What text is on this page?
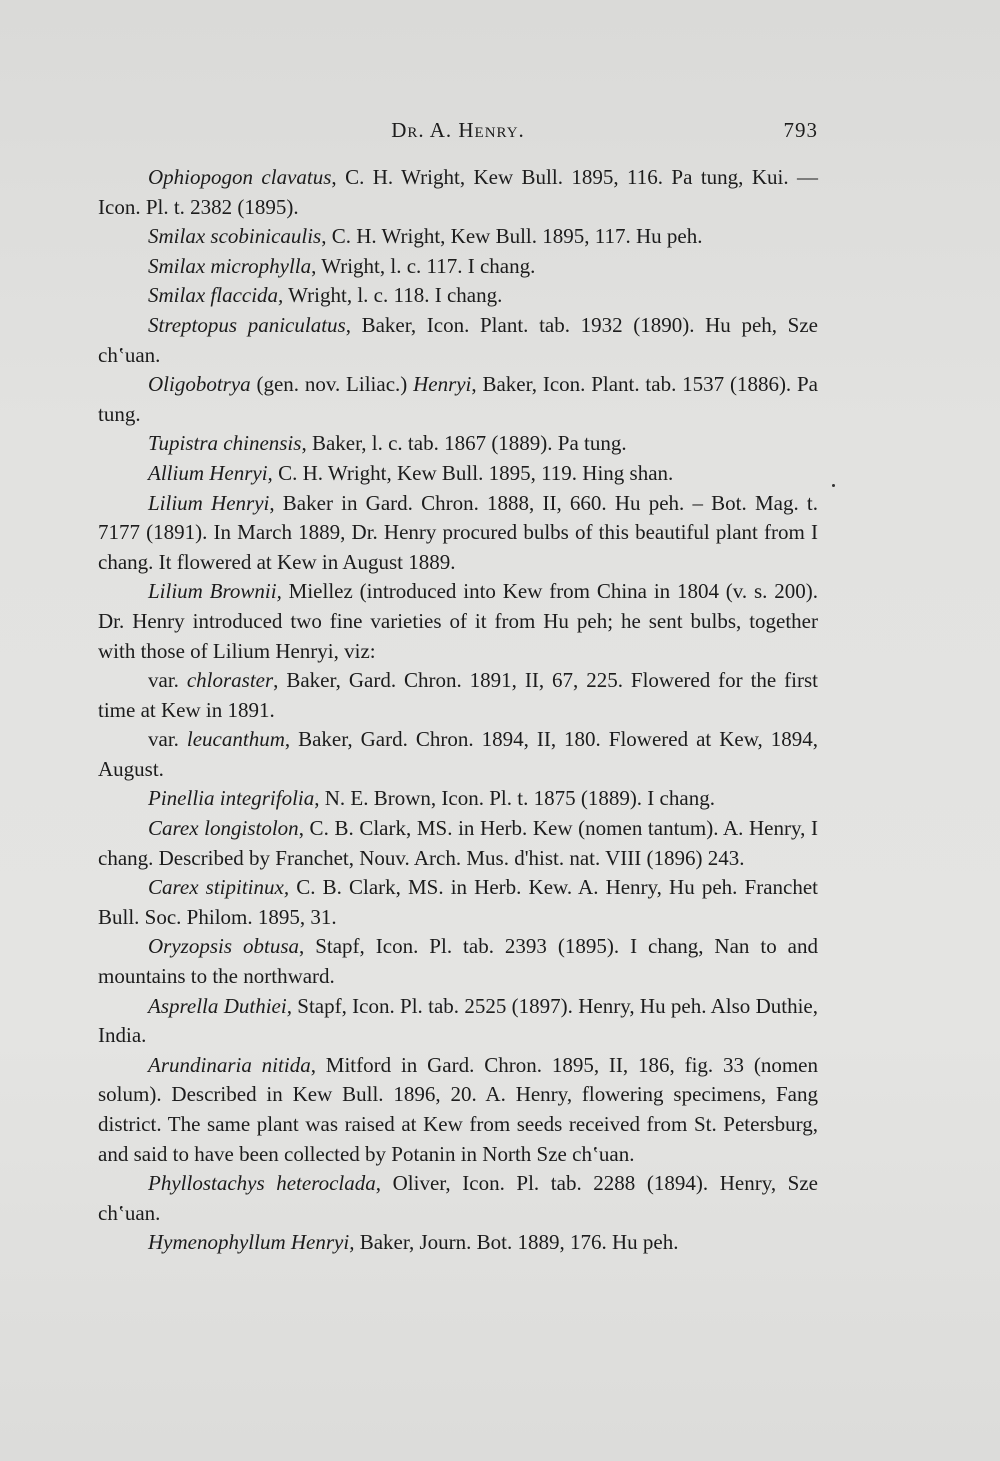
Dr. A. Henry.	793

Ophiopogon clavatus, C. H. Wright, Kew Bull. 1895, 116. Pa tung, Kui. — Icon. Pl. t. 2382 (1895).

Smilax scobinicaulis, C. H. Wright, Kew Bull. 1895, 117. Hu peh.

Smilax microphylla, Wright, l. c. 117. I chang.

Smilax flaccida, Wright, l. c. 118. I chang.

Streptopus paniculatus, Baker, Icon. Plant. tab. 1932 (1890). Hu peh, Sze chʽuan.

Oligobotrya (gen. nov. Liliac.) Henryi, Baker, Icon. Plant. tab. 1537 (1886). Pa tung.

Tupistra chinensis, Baker, l. c. tab. 1867 (1889). Pa tung.

Allium Henryi, C. H. Wright, Kew Bull. 1895, 119. Hing shan.

Lilium Henryi, Baker in Gard. Chron. 1888, II, 660. Hu peh. – Bot. Mag. t. 7177 (1891). In March 1889, Dr. Henry procured bulbs of this beautiful plant from I chang. It flowered at Kew in August 1889.

Lilium Brownii, Miellez (introduced into Kew from China in 1804 (v. s. 200). Dr. Henry introduced two fine varieties of it from Hu peh; he sent bulbs, together with those of Lilium Henryi, viz:

var. chloraster, Baker, Gard. Chron. 1891, II, 67, 225. Flowered for the first time at Kew in 1891.

var. leucanthum, Baker, Gard. Chron. 1894, II, 180. Flowered at Kew, 1894, August.

Pinellia integrifolia, N. E. Brown, Icon. Pl. t. 1875 (1889). I chang.

Carex longistolon, C. B. Clark, MS. in Herb. Kew (nomen tantum). A. Henry, I chang. Described by Franchet, Nouv. Arch. Mus. d'hist. nat. VIII (1896) 243.

Carex stipitinux, C. B. Clark, MS. in Herb. Kew. A. Henry, Hu peh. Franchet Bull. Soc. Philom. 1895, 31.

Oryzopsis obtusa, Stapf, Icon. Pl. tab. 2393 (1895). I chang, Nan to and mountains to the northward.

Asprella Duthiei, Stapf, Icon. Pl. tab. 2525 (1897). Henry, Hu peh. Also Duthie, India.

Arundinaria nitida, Mitford in Gard. Chron. 1895, II, 186, fig. 33 (nomen solum). Described in Kew Bull. 1896, 20. A. Henry, flowering specimens, Fang district. The same plant was raised at Kew from seeds received from St. Petersburg, and said to have been collected by Potanin in North Sze chʽuan.

Phyllostachys heteroclada, Oliver, Icon. Pl. tab. 2288 (1894). Henry, Sze chʽuan.

Hymenophyllum Henryi, Baker, Journ. Bot. 1889, 176. Hu peh.
